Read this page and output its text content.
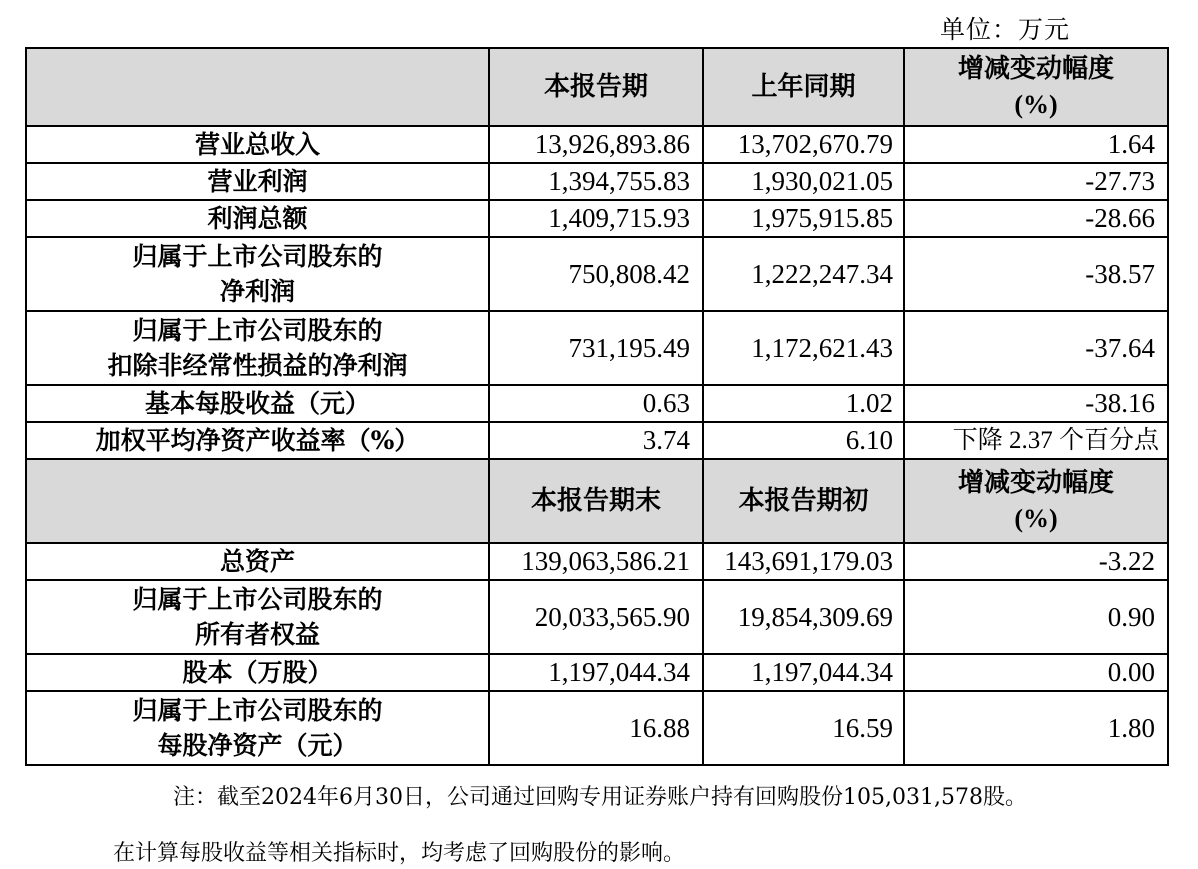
单位：万元
	本报告期	上年同期	增减变动幅度
(%)

营业总收入	13,926,893.86	13,702,670.79	1.64
营业利润	1,394,755.83	1,930,021.05	-27.73
利润总额	1,409,715.93	1,975,915.85	-28.66

归属于上市公司股东的
净利润	750,808.42	1,222,247.34	-38.57

归属于上市公司股东的
扣除非经常性损益的净利润	731,195.49	1,172,621.43	-37.64
基本每股收益（元）	0.63	1.02	-38.16
加权平均净资产收益率（%）	3.74	6.10	下降 2.37 个百分点
	本报告期末	本报告期初	增减变动幅度
(%)

总资产	139,063,586.21	143,691,179.03	-3.22

归属于上市公司股东的
所有者权益	20,033,565.90	19,854,309.69	0.90
股本（万股）	1,197,044.34	1,197,044.34	0.00

归属于上市公司股东的
每股净资产（元）	16.88	16.59	1.80
注：截至2024年6月30日，公司通过回购专用证券账户持有回购股份105,031,578股。
在计算每股收益等相关指标时，均考虑了回购股份的影响。
